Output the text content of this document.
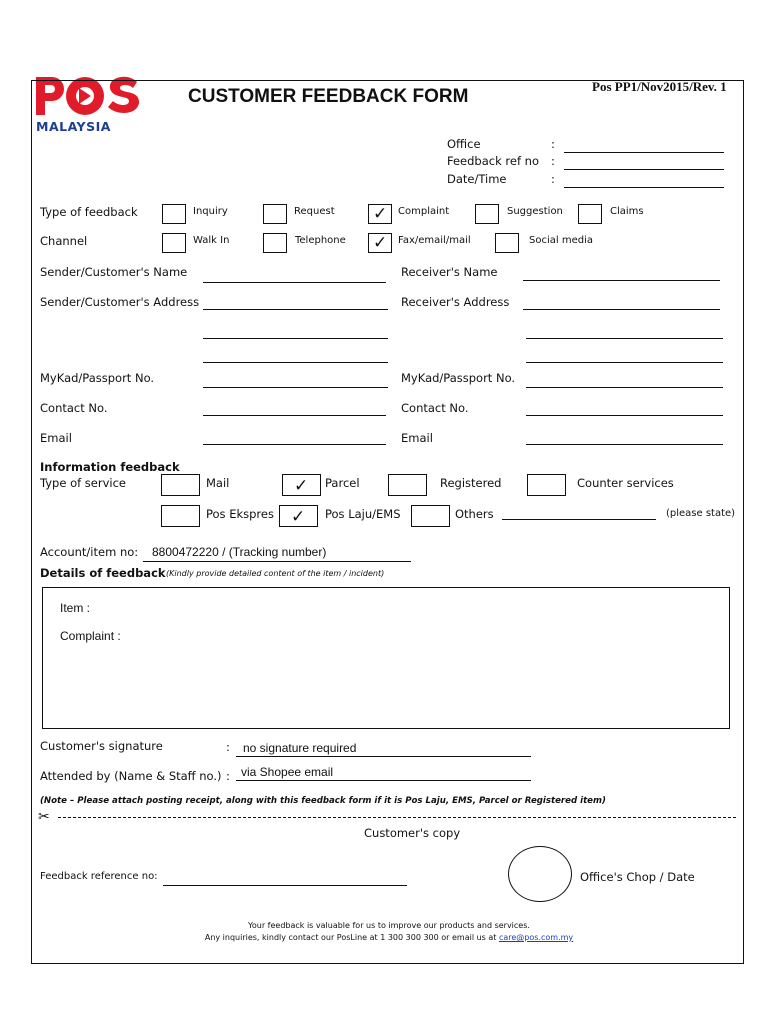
MALAYSIA
CUSTOMER FEEDBACK FORM	Pos PP1/Nov2015/Rev. 1
Office	:
Feedback ref no :
Date/Time	:
Type of feedback	Inquiry	Request ✓ Complaint	Suggestion	Claims
Channel	Walk In	Telephone ✓ Fax/email/mail	Social media
Sender/Customer's Name	Receiver's Name
Sender/Customer's Address	Receiver's Address
MyKad/Passport No.	MyKad/Passport No.
Contact No.	Contact No.
Email	Email
Information feedback
Type of service	Mail	✓ Parcel	Registered	Counter services
Pos Ekspres ✓ Pos Laju/EMS	Others	(please state)
Account/item no: 8800472220 / (Tracking number)
Details of feedback (Kindly provide detailed content of the item / incident)
Item :
Complaint :
Customer's signature	: no signature required
Attended by (Name & Staff no.) : via Shopee email
(Note – Please attach posting receipt, along with this feedback form if it is Pos Laju, EMS, Parcel or Registered item)
✂
Customer's copy
Feedback reference no:	Office's Chop / Date
Your feedback is valuable for us to improve our products and services.
Any inquiries, kindly contact our PosLine at 1 300 300 300 or email us at care@pos.com.my
